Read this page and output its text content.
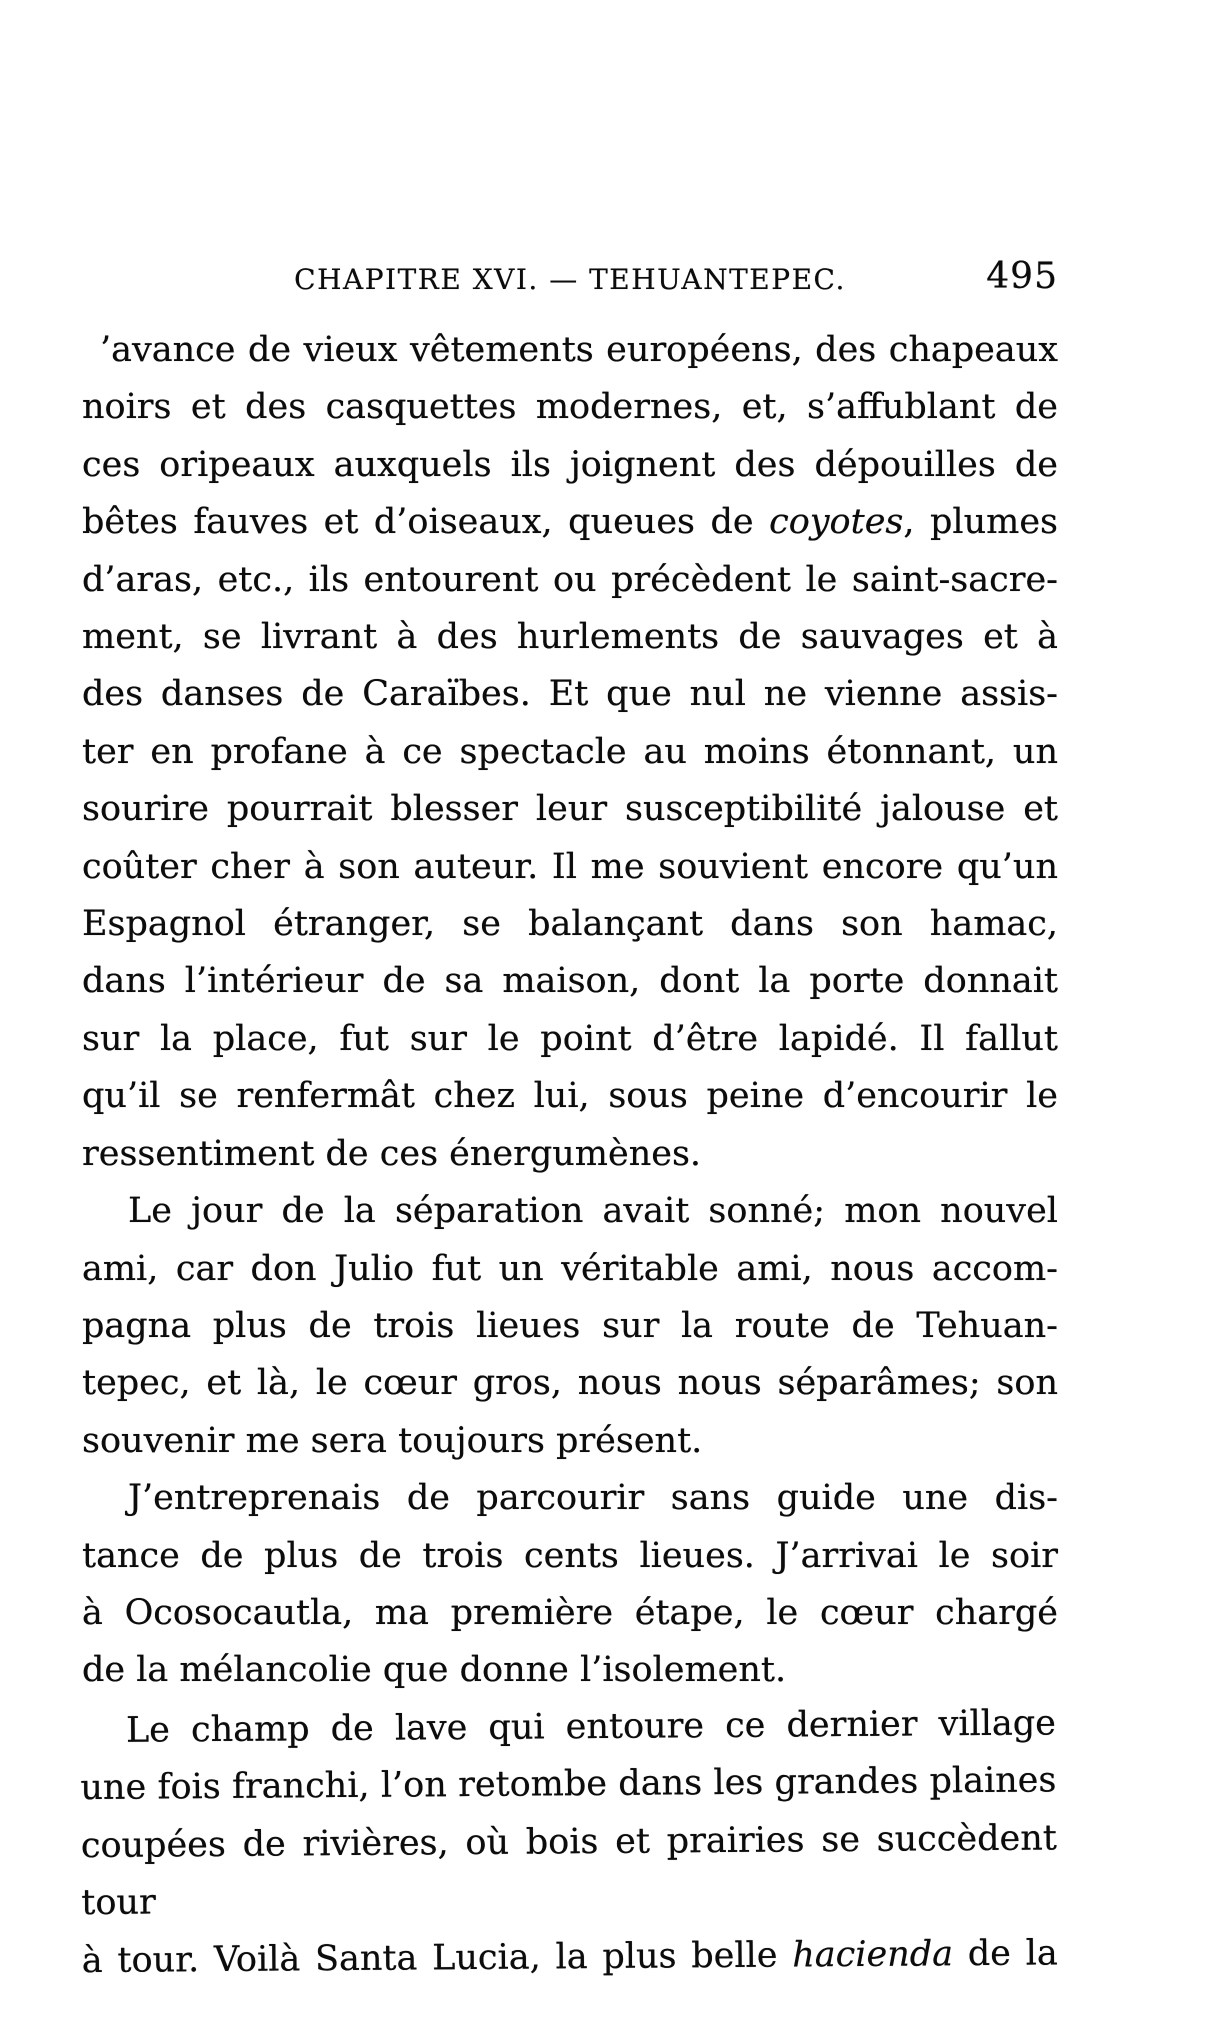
CHAPITRE XVI. — TEHUANTEPEC.	495
’avance de vieux vêtements européens, des chapeaux
noirs et des casquettes modernes, et, s’affublant de
ces oripeaux auxquels ils joignent des dépouilles de
bêtes fauves et d’oiseaux, queues de coyotes, plumes
d’aras, etc., ils entourent ou précèdent le saint-sacre-
ment, se livrant à des hurlements de sauvages et à
des danses de Caraïbes. Et que nul ne vienne assis-
ter en profane à ce spectacle au moins étonnant, un
sourire pourrait blesser leur susceptibilité jalouse et
coûter cher à son auteur. Il me souvient encore qu’un
Espagnol étranger, se balançant dans son hamac,
dans l’intérieur de sa maison, dont la porte donnait
sur la place, fut sur le point d’être lapidé. Il fallut
qu’il se renfermât chez lui, sous peine d’encourir le
ressentiment de ces énergumènes.
Le jour de la séparation avait sonné; mon nouvel
ami, car don Julio fut un véritable ami, nous accom-
pagna plus de trois lieues sur la route de Tehuan-
tepec, et là, le cœur gros, nous nous séparâmes; son
souvenir me sera toujours présent.
J’entreprenais de parcourir sans guide une dis-
tance de plus de trois cents lieues. J’arrivai le soir
à Ocosocautla, ma première étape, le cœur chargé
de la mélancolie que donne l’isolement.
Le champ de lave qui entoure ce dernier village
une fois franchi, l’on retombe dans les grandes plaines
coupées de rivières, où bois et prairies se succèdent tour
à tour. Voilà Santa Lucia, la plus belle hacienda de la
